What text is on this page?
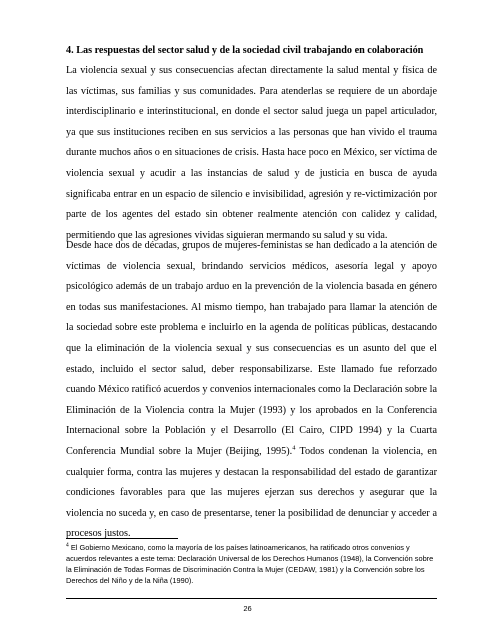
4. Las respuestas del sector salud y de la sociedad civil trabajando en colaboración
La violencia sexual y sus consecuencias afectan directamente la salud mental y física de las víctimas, sus familias y sus comunidades. Para atenderlas se requiere de un abordaje interdisciplinario e interinstitucional, en donde el sector salud juega un papel articulador, ya que sus instituciones reciben en sus servicios a las personas que han vivido el trauma durante muchos años o en situaciones de crisis. Hasta hace poco en México, ser víctima de violencia sexual y acudir a las instancias de salud y de justicia en busca de ayuda significaba entrar en un espacio de silencio e invisibilidad, agresión y re-victimización por parte de los agentes del estado sin obtener realmente atención con calidez y calidad, permitiendo que las agresiones vividas siguieran mermando su salud y su vida.
Desde hace dos de décadas, grupos de mujeres-feministas se han dedicado a la atención de víctimas de violencia sexual, brindando servicios médicos, asesoría legal y apoyo psicológico además de un trabajo arduo en la prevención de la violencia basada en género en todas sus manifestaciones. Al mismo tiempo, han trabajado para llamar la atención de la sociedad sobre este problema e incluirlo en la agenda de políticas públicas, destacando que la eliminación de la violencia sexual y sus consecuencias es un asunto del que el estado, incluido el sector salud, deber responsabilizarse. Este llamado fue reforzado cuando México ratificó acuerdos y convenios internacionales como la Declaración sobre la Eliminación de la Violencia contra la Mujer (1993) y los aprobados en la Conferencia Internacional sobre la Población y el Desarrollo (El Cairo, CIPD 1994) y la Cuarta Conferencia Mundial sobre la Mujer (Beijing, 1995).$^4$ Todos condenan la violencia, en cualquier forma, contra las mujeres y destacan la responsabilidad del estado de garantizar condiciones favorables para que las mujeres ejerzan sus derechos y asegurar que la violencia no suceda y, en caso de presentarse, tener la posibilidad de denunciar y acceder a procesos justos.
$^4$ El Gobierno Mexicano, como la mayoría de los países latinoamericanos, ha ratificado otros convenios y acuerdos relevantes a este tema: Declaración Universal de los Derechos Humanos (1948), la Convención sobre la Eliminación de Todas Formas de Discriminación Contra la Mujer (CEDAW, 1981) y la Convención sobre los Derechos del Niño y de la Niña (1990).
26
